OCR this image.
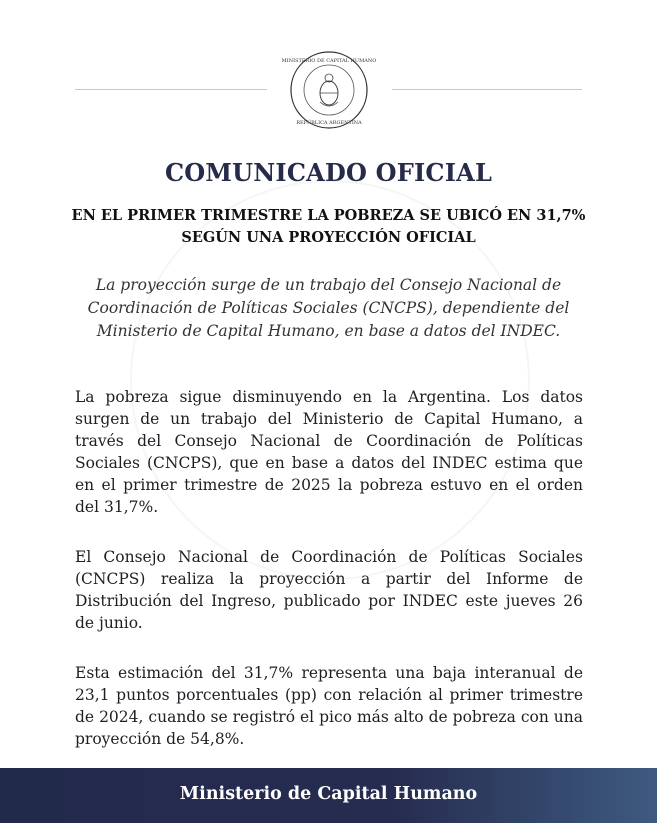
MINISTERIO DE CAPITAL HUMANO
REPÚBLICA ARGENTINA
COMUNICADO OFICIAL
EN EL PRIMER TRIMESTRE LA POBREZA SE UBICÓ EN 31,7%
SEGÚN UNA PROYECCIÓN OFICIAL
La proyección surge de un trabajo del Consejo Nacional de Coordinación de Políticas Sociales (CNCPS), dependiente del Ministerio de Capital Humano, en base a datos del INDEC.
La pobreza sigue disminuyendo en la Argentina. Los datos surgen de un trabajo del Ministerio de Capital Humano, a través del Consejo Nacional de Coordinación de Políticas Sociales (CNCPS), que en base a datos del INDEC estima que en el primer trimestre de 2025 la pobreza estuvo en el orden del 31,7%.
El Consejo Nacional de Coordinación de Políticas Sociales (CNCPS) realiza la proyección a partir del Informe de Distribución del Ingreso, publicado por INDEC este jueves 26 de junio.
Esta estimación del 31,7% representa una baja interanual de 23,1 puntos porcentuales (pp) con relación al primer trimestre de 2024, cuando se registró el pico más alto de pobreza con una proyección de 54,8%.
Ministerio de Capital Humano
